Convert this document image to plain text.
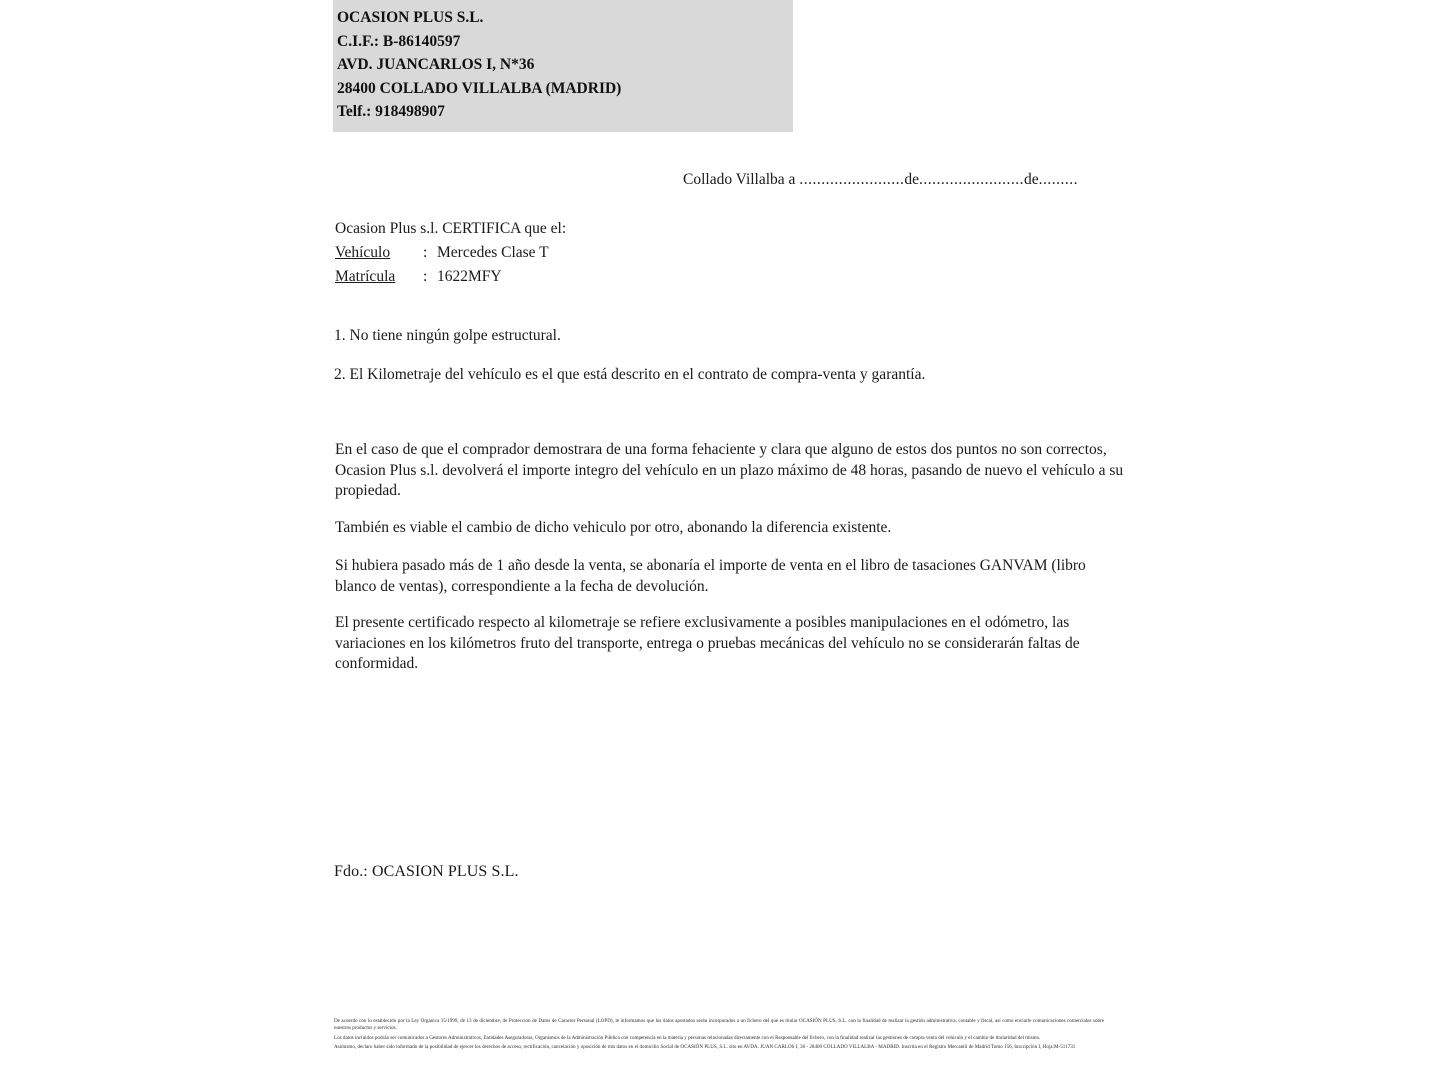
OCASION PLUS S.L.
C.I.F.: B-86140597
AVD. JUANCARLOS I, N*36
28400 COLLADO VILLALBA (MADRID)
Telf.: 918498907
Collado Villalba a ........................de........................de.........
Ocasion Plus s.l. CERTIFICA que el:
Vehículo : Mercedes Clase T
Matrícula : 1622MFY
1. No tiene ningún golpe estructural.
2. El Kilometraje del vehículo es el que está descrito en el contrato de compra-venta y garantía.
En el caso de que el comprador demostrara de una forma fehaciente y clara que alguno de estos dos puntos no son correctos, Ocasion Plus s.l. devolverá el importe integro del vehículo en un plazo máximo de 48 horas, pasando de nuevo el vehículo a su propiedad.
También es viable el cambio de dicho vehiculo por otro, abonando la diferencia existente.
Si hubiera pasado más de 1 año desde la venta, se abonaría el importe de venta en el libro de tasaciones GANVAM (libro blanco de ventas), correspondiente a la fecha de devolución.
El presente certificado respecto al kilometraje se refiere exclusivamente a posibles manipulaciones en el odómetro, las variaciones en los kilómetros fruto del transporte, entrega o pruebas mecánicas del vehículo no se considerarán faltas de conformidad.
Fdo.: OCASION PLUS S.L.

De acuerdo con lo establecido por la Ley Orgánica 15/1999, de 13 de diciembre, de Proteccion de Datos de Caracter Personal (LOPD), le informamos que los datos aportados serán incorporados a un fichero del que es titular OCASIÓN PLUS, S.L. con la finalidad de realizar la gestión administrativa, contable y fiscal, así como enviarle comunicaciones comerciales sobre nuestros productos y servicios.

Los datos incluidos podrán ser comunicados a Gestores Administrativos, Entidades Aseguradoras, Organismos de la Administración Pública con competencia en la materia y personas relacionadas directamente con el Responsable del fichero, con la finalidad realizar las gestiones de compra venta del vehículo y el cambio de titularidad del mismo.

Asimismo, declaro haber sido informado de la posibilidad de ejercer los derechos de acceso, rectificación, cancelación y oposición de mis datos en el domicilio Social de OCASIÓN PLUS, S.L. sito en AVDA. JUAN CARLOS I, 36 - 28400 COLLADO VILLALBA - MADRID. Inscrita en el Registro Mercantil de Madrid Tomo 156, Inscripción I, Hoja:M-511731
